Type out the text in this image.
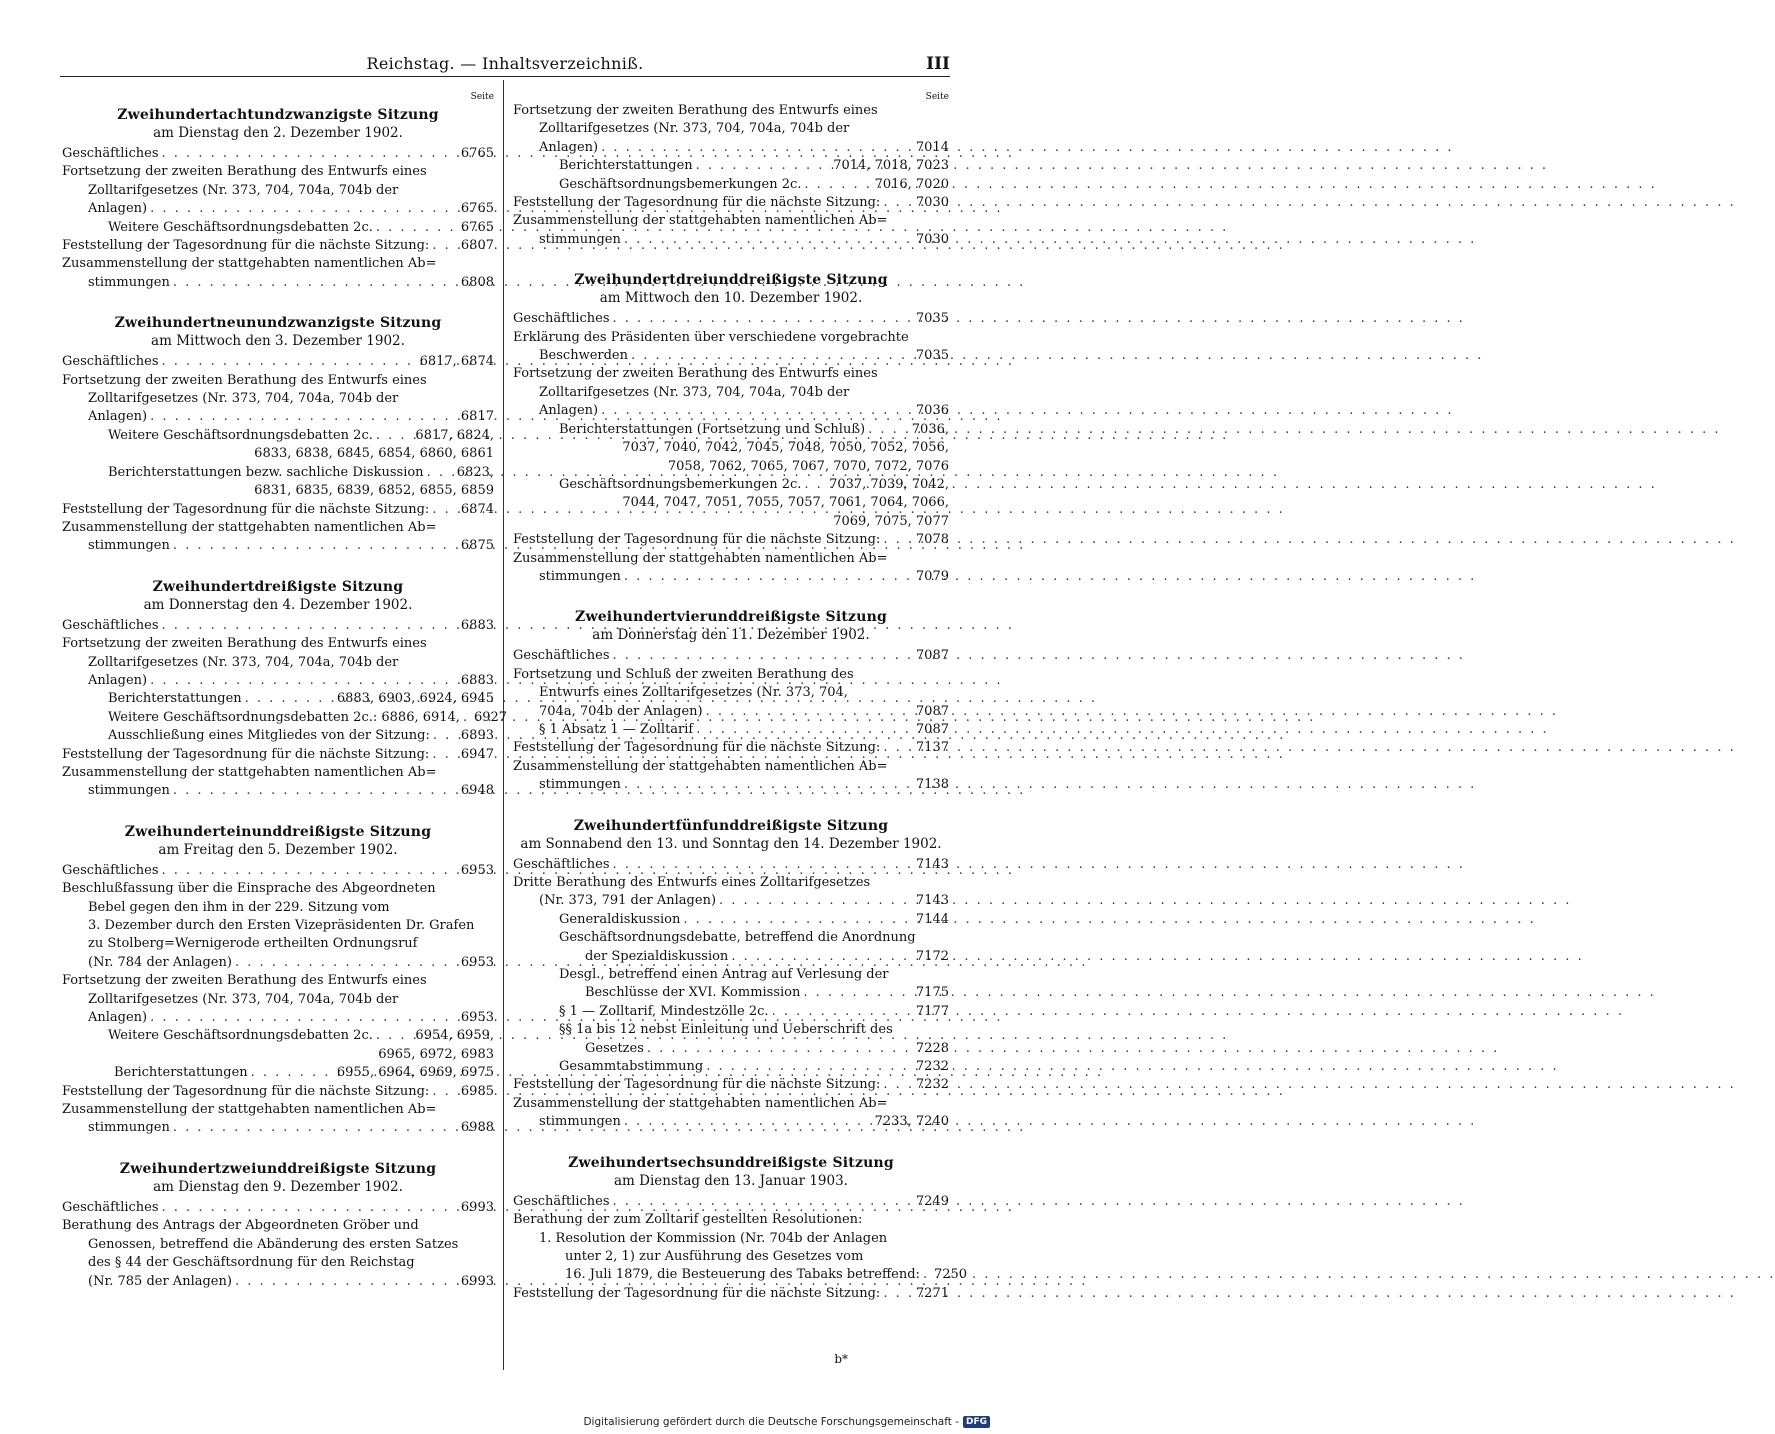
Reichstag. — Inhaltsverzeichniß.	III
Seite
Zweihundertachtundzwanzigste Sitzung
am Dienstag den 2. Dezember 1902.
Geschäftliches . . .	6765
Fortsetzung der zweiten Berathung des Entwurfs eines
Zolltarifgesetzes (Nr. 373, 704, 704a, 704b der
Anlagen) . . .	6765
Weitere Geschäftsordnungsdebatten 2c. . . .	6765
Feststellung der Tagesordnung für die nächste Sitzung: . . . 6807
Zusammenstellung der stattgehabten namentlichen Ab=
stimmungen . . .	6808
Zweihundertneunundzwanzigste Sitzung
am Mittwoch den 3. Dezember 1902.
Geschäftliches . . .	6817, 6874
Fortsetzung der zweiten Berathung des Entwurfs eines
Zolltarifgesetzes (Nr. 373, 704, 704a, 704b der
Anlagen) . . .	6817
Weitere Geschäftsordnungsdebatten 2c. . . .	6817, 6824,
6833, 6838, 6845, 6854, 6860, 6861
Berichterstattungen bezw. sachliche Diskussion . . .	6823,
6831, 6835, 6839, 6852, 6855, 6859
Feststellung der Tagesordnung für die nächste Sitzung: . . . 6874
Zusammenstellung der stattgehabten namentlichen Ab=
stimmungen . . .	6875
Zweihundertdreißigste Sitzung
am Donnerstag den 4. Dezember 1902.
Geschäftliches . . .	6883
Fortsetzung der zweiten Berathung des Entwurfs eines
Zolltarifgesetzes (Nr. 373, 704, 704a, 704b der
Anlagen) . . .	6883
Berichterstattungen . . .	6883, 6903, 6924, 6945
Weitere Geschäftsordnungsdebatten 2c.: 6886, 6914, . . . 6927
Ausschließung eines Mitgliedes von der Sitzung: . . . 6893
Feststellung der Tagesordnung für die nächste Sitzung: . . . 6947
Zusammenstellung der stattgehabten namentlichen Ab=
stimmungen . . .	6948
Zweihunderteinunddreißigste Sitzung
am Freitag den 5. Dezember 1902.
Geschäftliches . . .	6953
Beschlußfassung über die Einsprache des Abgeordneten
Bebel gegen den ihm in der 229. Sitzung vom
3. Dezember durch den Ersten Vizepräsidenten Dr. Grafen
zu Stolberg=Wernigerode ertheilten Ordnungsruf
(Nr. 784 der Anlagen) . . .	6953
Fortsetzung der zweiten Berathung des Entwurfs eines
Zolltarifgesetzes (Nr. 373, 704, 704a, 704b der
Anlagen) . . .	6953
Weitere Geschäftsordnungsdebatten 2c. . . .	6954, 6959,
6965, 6972, 6983
Berichterstattungen . . .	6955, 6964, 6969, 6975
Feststellung der Tagesordnung für die nächste Sitzung: . . . 6985
Zusammenstellung der stattgehabten namentlichen Ab=
stimmungen . . .	6988
Zweihundertzweiunddreißigste Sitzung
am Dienstag den 9. Dezember 1902.
Geschäftliches . . .	6993
Berathung des Antrags der Abgeordneten Gröber und
Genossen, betreffend die Abänderung des ersten Satzes
des § 44 der Geschäftsordnung für den Reichstag
(Nr. 785 der Anlagen) . . .	6993
Seite
Fortsetzung der zweiten Berathung des Entwurfs eines
Zolltarifgesetzes (Nr. 373, 704, 704a, 704b der
Anlagen) . . .	7014
Berichterstattungen . . .	7014, 7018, 7023
Geschäftsordnungsbemerkungen 2c. . . .	7016, 7020
Feststellung der Tagesordnung für die nächste Sitzung: . . .	7030
Zusammenstellung der stattgehabten namentlichen Ab=
stimmungen . . .	7030
Zweihundertdreiunddreißigste Sitzung
am Mittwoch den 10. Dezember 1902.
Geschäftliches . . .	7035
Erklärung des Präsidenten über verschiedene vorgebrachte
Beschwerden . . .	7035
Fortsetzung der zweiten Berathung des Entwurfs eines
Zolltarifgesetzes (Nr. 373, 704, 704a, 704b der
Anlagen) . . .	7036
Berichterstattungen (Fortsetzung und Schluß) . . .	7036,
7037, 7040, 7042, 7045, 7048, 7050, 7052, 7056,
7058, 7062, 7065, 7067, 7070, 7072, 7076
Geschäftsordnungsbemerkungen 2c. . . . 7037, 7039, 7042,
7044, 7047, 7051, 7055, 7057, 7061, 7064, 7066,
7069, 7075, 7077
Feststellung der Tagesordnung für die nächste Sitzung: . . .	7078
Zusammenstellung der stattgehabten namentlichen Ab=
stimmungen . . .	7079
Zweihundertvierunddreißigste Sitzung
am Donnerstag den 11. Dezember 1902.
Geschäftliches . . .	7087
Fortsetzung und Schluß der zweiten Berathung des
Entwurfs eines Zolltarifgesetzes (Nr. 373, 704,
704a, 704b der Anlagen) . . .	7087
§ 1 Absatz 1 — Zolltarif . . .	7087
Feststellung der Tagesordnung für die nächste Sitzung: . . .	7137
Zusammenstellung der stattgehabten namentlichen Ab=
stimmungen . . .	7138
Zweihundertfünfunddreißigste Sitzung
am Sonnabend den 13. und Sonntag den 14. Dezember 1902.
Geschäftliches . . .	7143
Dritte Berathung des Entwurfs eines Zolltarifgesetzes
(Nr. 373, 791 der Anlagen) . . .	7143
Generaldiskussion . . .	7144
Geschäftsordnungsdebatte, betreffend die Anordnung
der Spezialdiskussion . . .	7172
Desgl., betreffend einen Antrag auf Verlesung der
Beschlüsse der XVI. Kommission . . .	7175
§ 1 — Zolltarif, Mindestzölle 2c. . . .	7177
§§ 1a bis 12 nebst Einleitung und Ueberschrift des
Gesetzes . . .	7228
Gesammtabstimmung . . .	7232
Feststellung der Tagesordnung für die nächste Sitzung: . . .	7232
Zusammenstellung der stattgehabten namentlichen Ab=
stimmungen . . .	7233, 7240
Zweihundertsechsunddreißigste Sitzung
am Dienstag den 13. Januar 1903.
Geschäftliches . . .	7249
Berathung der zum Zolltarif gestellten Resolutionen:
1. Resolution der Kommission (Nr. 704b der Anlagen
unter 2, 1) zur Ausführung des Gesetzes vom
16. Juli 1879, die Besteuerung des Tabaks betreffend: . . . 7250
Feststellung der Tagesordnung für die nächste Sitzung: . . .	7271
b*
Digitalisierung gefördert durch die Deutsche Forschungsgemeinschaft - DFG
